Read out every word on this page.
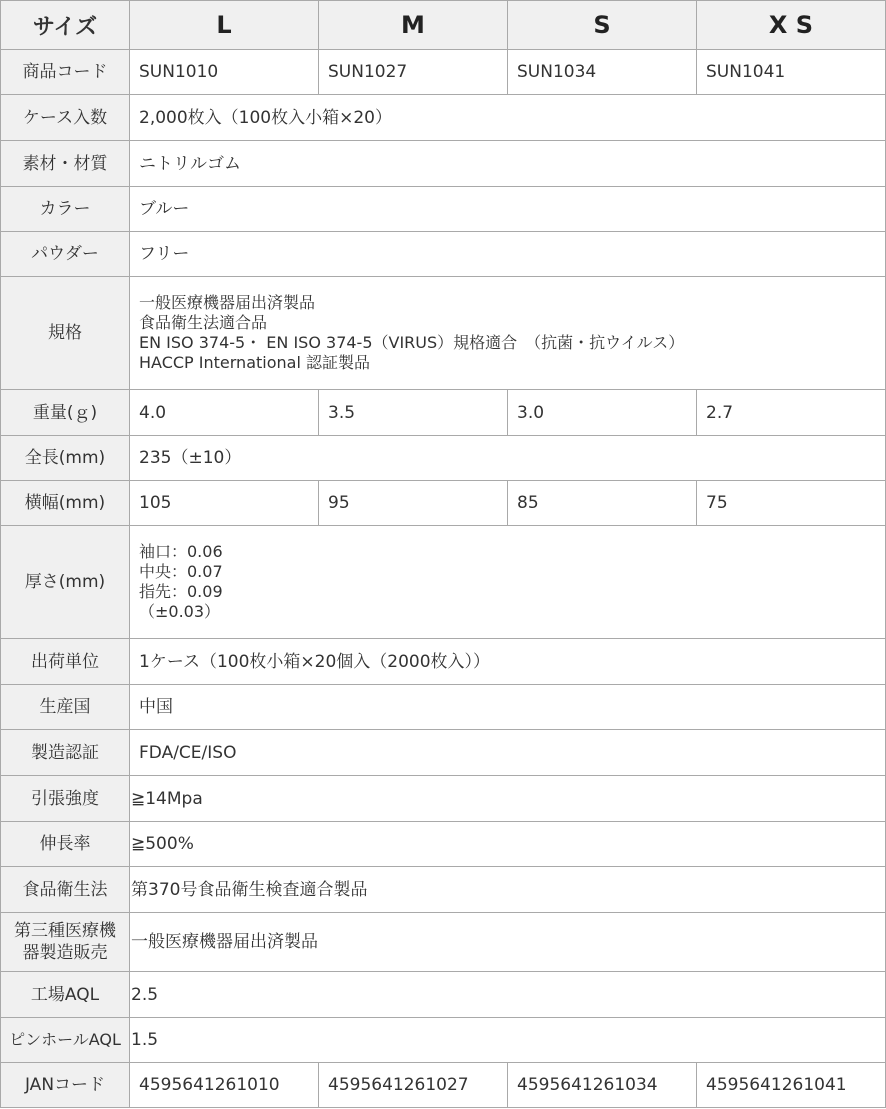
サイズ	L	M	S	X S
商品コード	SUN1010	SUN1027	SUN1034	SUN1041
ケース入数	2,000枚入（100枚入小箱×20）			
素材・材質	ニトリルゴム			
カラー	ブルー			
パウダー	フリー			
規格	一般医療機器届出済製品
食品衛生法適合品
EN ISO 374-5・ EN ISO 374-5（VIRUS）規格適合　（抗菌・抗ウイルス）
HACCP International 認証製品			

重量(ｇ)	4.0	3.5	3.0	2.7
全長(mm)	235（±10）			
横幅(mm)	105	95	85	75
厚さ(mm)	袖口：0.06
中央：0.07
指先：0.09
（±0.03）			

出荷単位	1ケース（100枚小箱×20個入（2000枚入））			
生産国	中国			
製造認証	FDA/CE/ISO			
引張強度	≧14Mpa			
伸長率	≧500%			
食品衛生法	第370号食品衛生検査適合製品			

第三種医療機
器製造販売	一般医療機器届出済製品			
工場AQL	2.5			
ピンホールAQL	1.5			
JANコード	4595641261010	4595641261027	4595641261034	4595641261041
